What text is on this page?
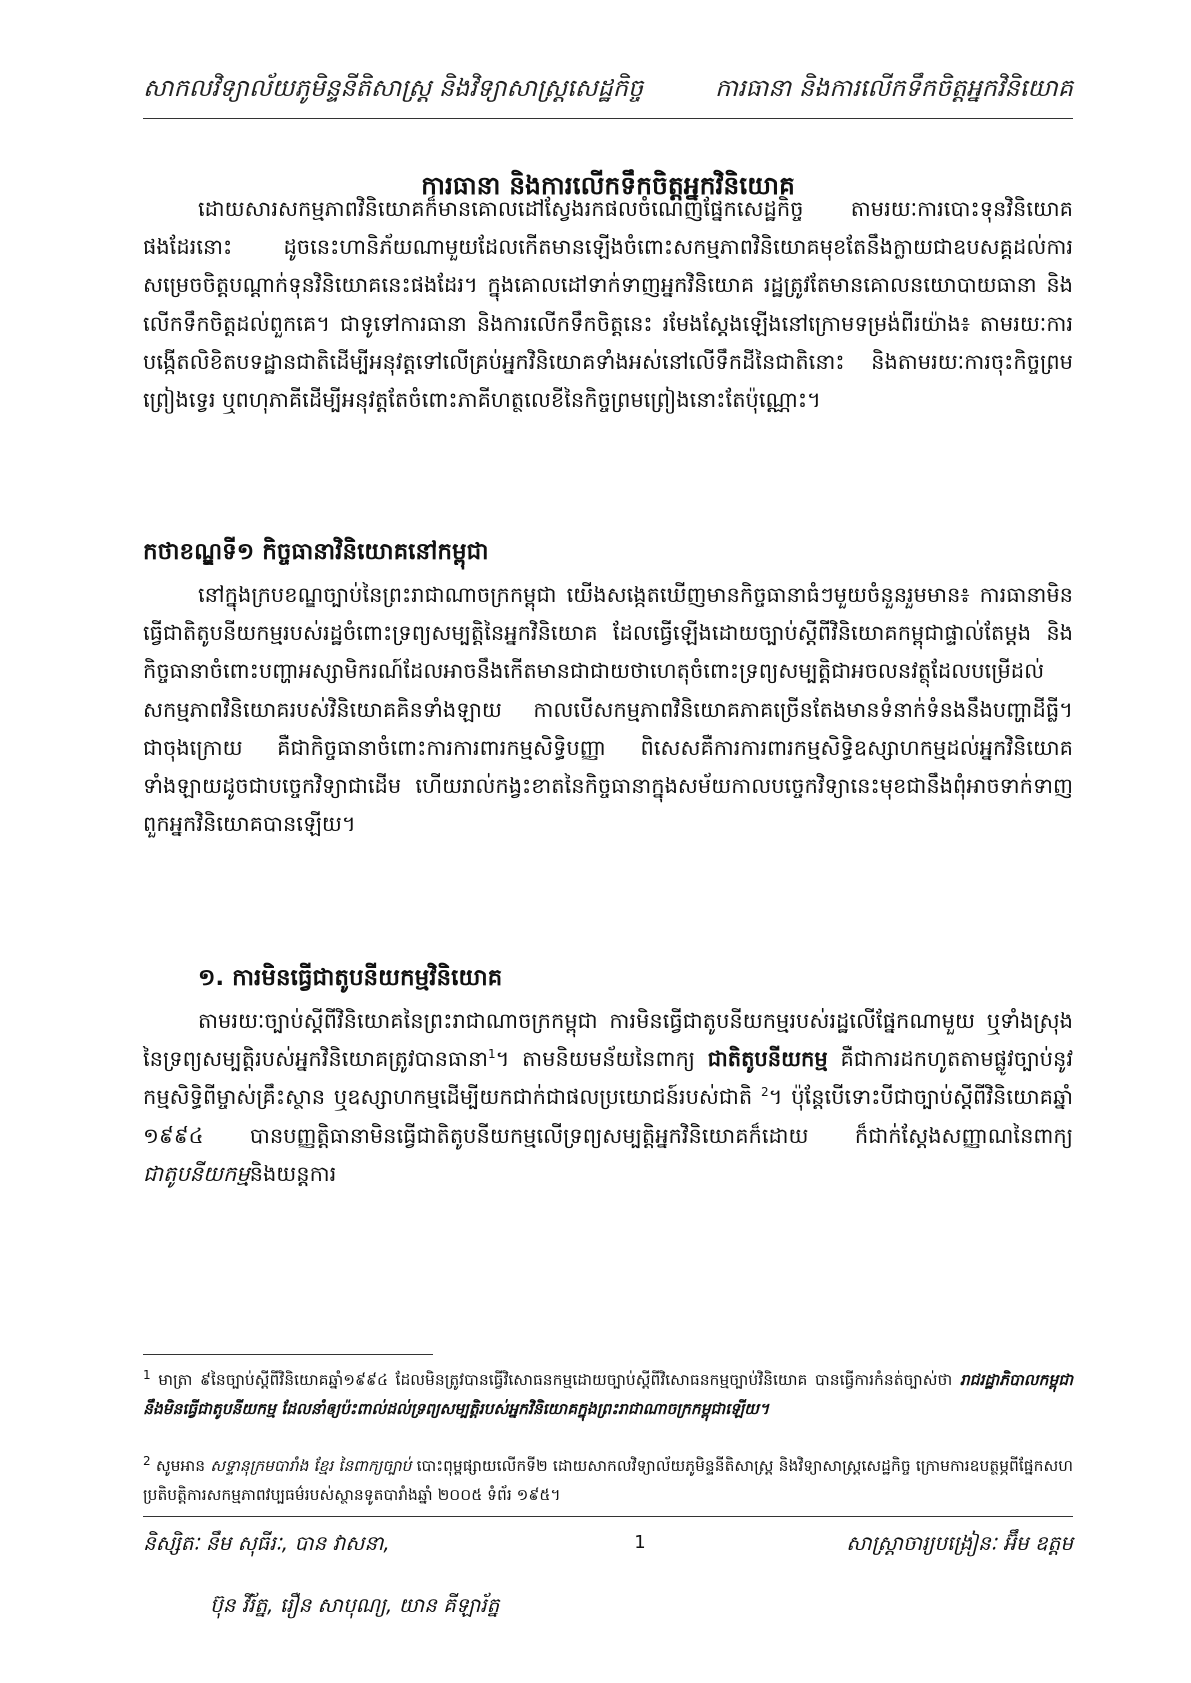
សាកលវិទ្យាល័យភូមិន្ទនីតិសាស្ត្រ និងវិទ្យាសាស្ត្រសេដ្ឋកិច្ច	ការធានា និងការលើកទឹកចិត្តអ្នកវិនិយោគ
ការធានា និងការលើកទឹកចិត្តអ្នកវិនិយោគ

ដោយសារសកម្មភាពវិនិយោគក៏មានគោលដៅស្វែងរកផលចំណេញផ្នែកសេដ្ឋកិច្ច តាមរយៈការបោះទុនវិនិយោគផងដែរនោះ ដូចនេះហានិភ័យណាមួយដែលកើតមានឡើងចំពោះសកម្មភាពវិនិយោគមុខតែនឹងក្លាយជាឧបសគ្គដល់ការសម្រេចចិត្តបណ្តាក់ទុនវិនិយោគនេះផងដែរ។ ក្នុងគោលដៅទាក់ទាញអ្នកវិនិយោគ រដ្ឋត្រូវតែមានគោលនយោបាយធានា និងលើកទឹកចិត្តដល់ពួកគេ។ ជាទូទៅការធានា និងការលើកទឹកចិត្តនេះ រមែងស្តែងឡើងនៅក្រោមទម្រង់ពីរយ៉ាង៖ តាមរយៈការបង្កើតលិខិតបទដ្ឋានជាតិដើម្បីអនុវត្តទៅលើគ្រប់អ្នកវិនិយោគទាំងអស់នៅលើទឹកដីនៃជាតិនោះ និងតាមរយៈការចុះកិច្ចព្រមព្រៀងទ្វេរ ឬពហុភាគីដើម្បីអនុវត្តតែចំពោះភាគីហត្ថលេខីនៃកិច្ចព្រមព្រៀងនោះតែប៉ុណ្ណោះ។

កថាខណ្ឌទី១ កិច្ចធានាវិនិយោគនៅកម្ពុជា

នៅក្នុងក្របខណ្ឌច្បាប់នៃព្រះរាជាណាចក្រកម្ពុជា យើងសង្កេតឃើញមានកិច្ចធានាធំៗមួយចំនួនរួមមាន៖ ការធានាមិនធ្វើជាតិតូបនីយកម្មរបស់រដ្ឋចំពោះទ្រព្យសម្បត្តិនៃអ្នកវិនិយោគ ដែលធ្វើឡើងដោយច្បាប់ស្តីពីវិនិយោគកម្ពុជាផ្ទាល់តែម្តង និងកិច្ចធានាចំពោះបញ្ហាអស្សាមិករណ៍ដែលអាចនឹងកើតមានជាជាយថាហេតុចំពោះទ្រព្យសម្បត្តិជាអចលនវត្ថុដែលបម្រើដល់សកម្មភាពវិនិយោគរបស់វិនិយោគគិនទាំងឡាយ កាលបើសកម្មភាពវិនិយោគភាគច្រើនតែងមានទំនាក់ទំនងនឹងបញ្ហាដីធ្លី។ ជាចុងក្រោយ គឺជាកិច្ចធានាចំពោះការការពារកម្មសិទ្ធិបញ្ញា ពិសេសគឺការការពារកម្មសិទ្ធិឧស្សាហកម្មដល់អ្នកវិនិយោគទាំងឡាយដូចជាបច្ចេកវិទ្យាជាដើម ហើយរាល់កង្វះខាតនៃកិច្ចធានាក្នុងសម័យកាលបច្ចេកវិទ្យានេះមុខជានឹងពុំអាចទាក់ទាញពួកអ្នកវិនិយោគបានឡើយ។

១. ការមិនធ្វើជាតូបនីយកម្មវិនិយោគ

តាមរយៈច្បាប់ស្តីពីវិនិយោគនៃព្រះរាជាណាចក្រកម្ពុជា ការមិនធ្វើជាតូបនីយកម្មរបស់រដ្ឋលើផ្នែកណាមួយ ឬទាំងស្រុងនៃទ្រព្យសម្បត្តិរបស់អ្នកវិនិយោគត្រូវបានធានា$^1$។ តាមនិយមន័យនៃពាក្យ ជាតិតូបនីយកម្ម គឺជាការដកហូតតាមផ្លូវច្បាប់នូវកម្មសិទ្ធិពីម្ចាស់គ្រឹះស្ថាន ឬឧស្សាហកម្មដើម្បីយកជាក់ជាផលប្រយោជន៍របស់ជាតិ $^2$។ ប៉ុន្តែបើទោះបីជាច្បាប់ស្តីពីវិនិយោគឆ្នាំ ១៩៩៤ បានបញ្ញត្តិធានាមិនធ្វើជាតិតូបនីយកម្មលើទ្រព្យសម្បត្តិអ្នកវិនិយោគក៏ដោយ ក៏ជាក់ស្តែងសញ្ញាណនៃពាក្យ ជាតូបនីយកម្មនិងយន្តការ

$^1$ មាត្រា ៩នៃច្បាប់ស្តីពីវិនិយោគឆ្នាំ១៩៩៤ ដែលមិនត្រូវបានធ្វើវិសោធនកម្មដោយច្បាប់ស្តីពីវិសោធនកម្មច្បាប់វិនិយោគ បានធ្វើការកំនត់ច្បាស់ថា រាជរដ្ឋាភិបាលកម្ពុជា នឹងមិនធ្វើជាតូបនីយកម្ម ដែលនាំឲ្យប៉ះពាល់ដល់ទ្រព្យសម្បត្តិរបស់អ្នកវិនិយោគក្នុងព្រះរាជាណាចក្រកម្ពុជាឡើយ។
$^2$ សូមអាន សទ្ទានុក្រមបារាំង ខ្មែរ នៃពាក្យច្បាប់ បោះពុម្ពផ្សាយលើកទី២ ដោយសាកលវិទ្យាល័យភូមិន្ទនីតិសាស្ត្រ និងវិទ្យាសាស្ត្រសេដ្ឋកិច្ច ក្រោមការឧបត្ថម្ភពីផ្នែកសហប្រតិបត្តិការសកម្មភាពវប្បធម៌របស់ស្ថានទូតបារាំងឆ្នាំ ២០០៥ ទំព័រ ១៩៥។
និស្សិតៈ នឹម សុធីរៈ, បាន វាសនា,
ប៊ុន វីរ័ត្ន, រឿន សាបុណ្យ, យាន គីឡារ័ត្ន
1	សាស្ត្រាចារ្យបង្រៀនៈ អ៊ឹម ឧត្តម
